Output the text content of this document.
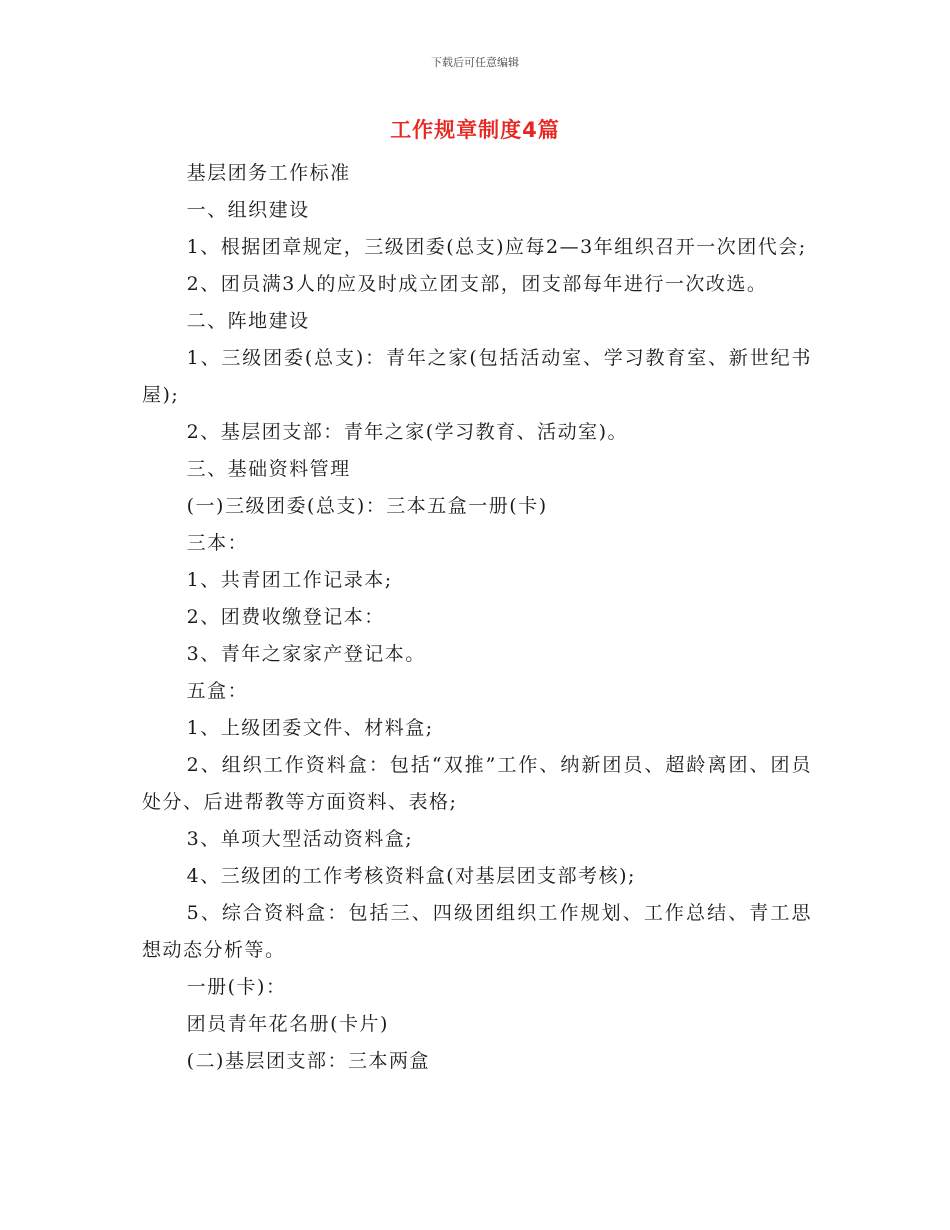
下载后可任意编辑
工作规章制度4篇

基层团务工作标准

一、组织建设

1、根据团章规定，三级团委(总支)应每2—3年组织召开一次团代会;

2、团员满3人的应及时成立团支部，团支部每年进行一次改选。

二、阵地建设

1、三级团委(总支)：青年之家(包括活动室、学习教育室、新世纪书屋);

2、基层团支部：青年之家(学习教育、活动室)。

三、基础资料管理

(一)三级团委(总支)：三本五盒一册(卡)

三本：

1、共青团工作记录本;

2、团费收缴登记本：

3、青年之家家产登记本。

五盒：

1、上级团委文件、材料盒;

2、组织工作资料盒：包括“双推”工作、纳新团员、超龄离团、团员处分、后进帮教等方面资料、表格;

3、单项大型活动资料盒;

4、三级团的工作考核资料盒(对基层团支部考核);

5、综合资料盒：包括三、四级团组织工作规划、工作总结、青工思想动态分析等。

一册(卡)：

团员青年花名册(卡片)

(二)基层团支部：三本两盒
